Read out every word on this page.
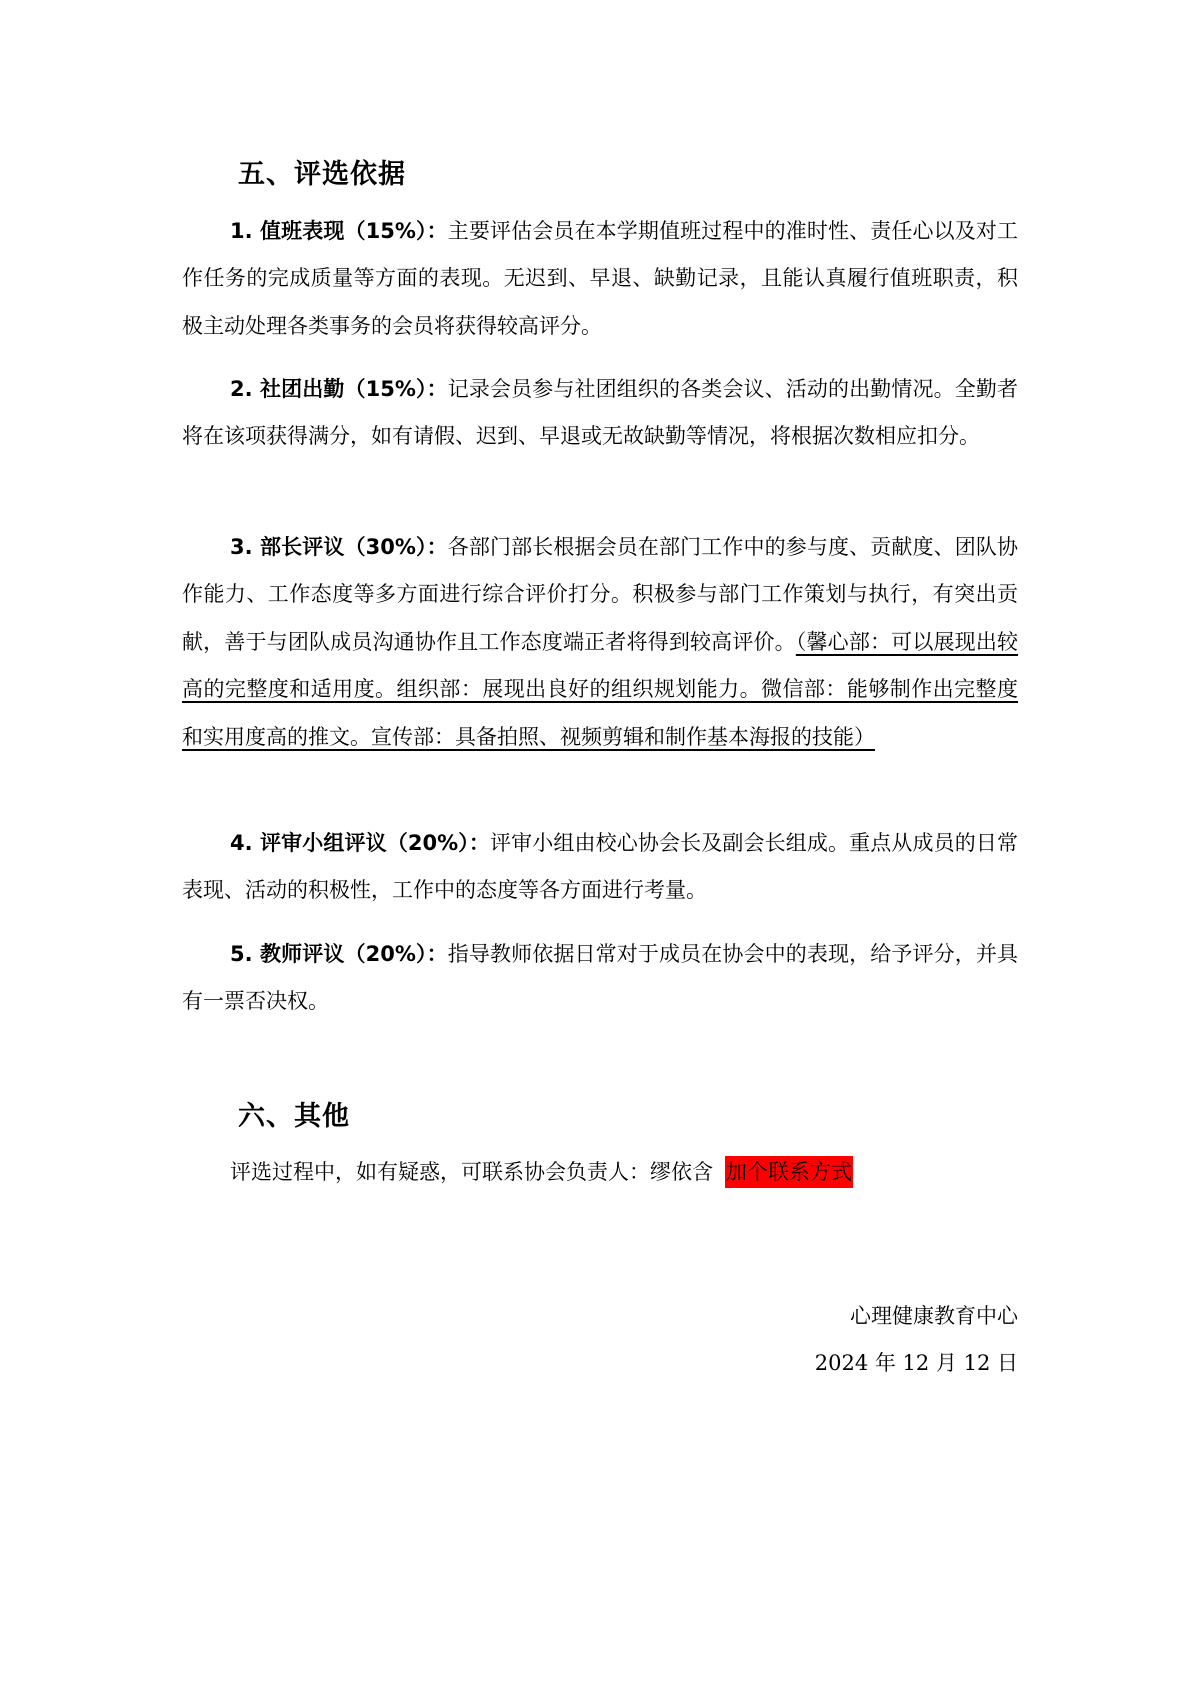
五、评选依据

1. 值班表现（15%）：主要评估会员在本学期值班过程中的准时性、责任心以及对工作任务的完成质量等方面的表现。无迟到、早退、缺勤记录，且能认真履行值班职责，积极主动处理各类事务的会员将获得较高评分。

2. 社团出勤（15%）：记录会员参与社团组织的各类会议、活动的出勤情况。全勤者将在该项获得满分，如有请假、迟到、早退或无故缺勤等情况，将根据次数相应扣分。

3. 部长评议（30%）：各部门部长根据会员在部门工作中的参与度、贡献度、团队协作能力、工作态度等多方面进行综合评价打分。积极参与部门工作策划与执行，有突出贡献，善于与团队成员沟通协作且工作态度端正者将得到较高评价。（馨心部：可以展现出较高的完整度和适用度。组织部：展现出良好的组织规划能力。微信部：能够制作出完整度和实用度高的推文。宣传部：具备拍照、视频剪辑和制作基本海报的技能）

4. 评审小组评议（20%）：评审小组由校心协会长及副会长组成。重点从成员的日常表现、活动的积极性，工作中的态度等各方面进行考量。

5. 教师评议（20%）：指导教师依据日常对于成员在协会中的表现，给予评分，并具有一票否决权。

六、其他
评选过程中，如有疑惑，可联系协会负责人：缪依含 加个联系方式
心理健康教育中心
2024 年 12 月 12 日
